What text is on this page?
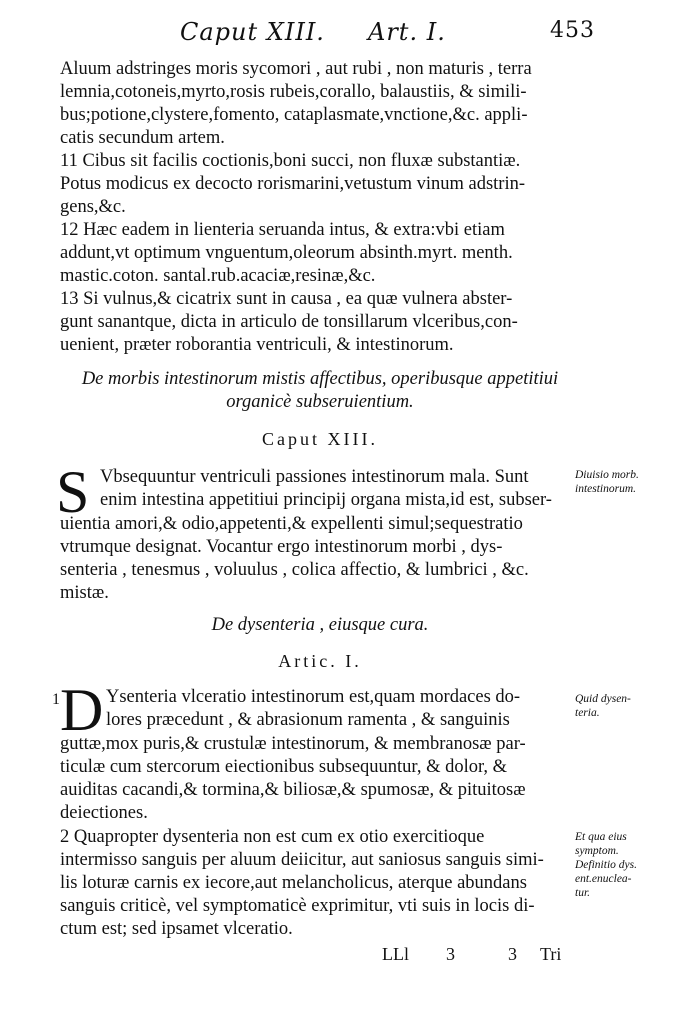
Caput XIII. Art. I.	453
Aluum adstringes moris sycomori , aut rubi , non maturis , terra
lemnia,cotoneis,myrto,rosis rubeis,corallo, balaustiis, & simili-
bus;potione,clystere,fomento, cataplasmate,vnctione,&c. appli-
catis secundum artem.
11 Cibus sit facilis coctionis,boni succi, non fluxæ substantiæ.
Potus modicus ex decocto rorismarini,vetustum vinum adstrin-
gens,&c.
12 Hæc eadem in lienteria seruanda intus, & extra:vbi etiam
addunt,vt optimum vnguentum,oleorum absinth.myrt. menth.
mastic.coton. santal.rub.acaciæ,resinæ,&c.
13 Si vulnus,& cicatrix sunt in causa , ea quæ vulnera abster-
gunt sanantque, dicta in articulo de tonsillarum vlceribus,con-
uenient, præter roborantia ventriculi, & intestinorum.
De morbis intestinorum mistis affectibus, operibusque appetitiui
organicè subseruientium.
Caput XIII.
S Vbsequuntur ventriculi passiones intestinorum mala. Sunt
enim intestina appetitiui principij organa mista,id est, subser-
uientia amori,& odio,appetenti,& expellenti simul;sequestratio
vtrumque designat. Vocantur ergo intestinorum morbi , dys-
senteria , tenesmus , voluulus , colica affectio, & lumbrici , &c.
mistæ.
Diuisio morb.
intestinorum.
De dysenteria , eiusque cura.
Artic. I.
1 D Ysenteria vlceratio intestinorum est,quam mordaces do-
lores præcedunt , & abrasionum ramenta , & sanguinis
guttæ,mox puris,& crustulæ intestinorum, & membranosæ par-
ticulæ cum stercorum eiectionibus subsequuntur, & dolor, &
auiditas cacandi,& tormina,& biliosæ,& spumosæ, & pituitosæ
deiectiones.
Quid dysen-
teria.
2 Quapropter dysenteria non est cum ex otio exercitioque
intermisso sanguis per aluum deiicitur, aut saniosus sanguis simi-
lis loturæ carnis ex iecore,aut melancholicus, aterque abundans
sanguis criticè, vel symptomaticè exprimitur, vti suis in locis di-
ctum est; sed ipsamet vlceratio.
Et qua eius
symptom.
Definitio dys.
ent.enuclea-
tur.
LLl 3	3 Tri
